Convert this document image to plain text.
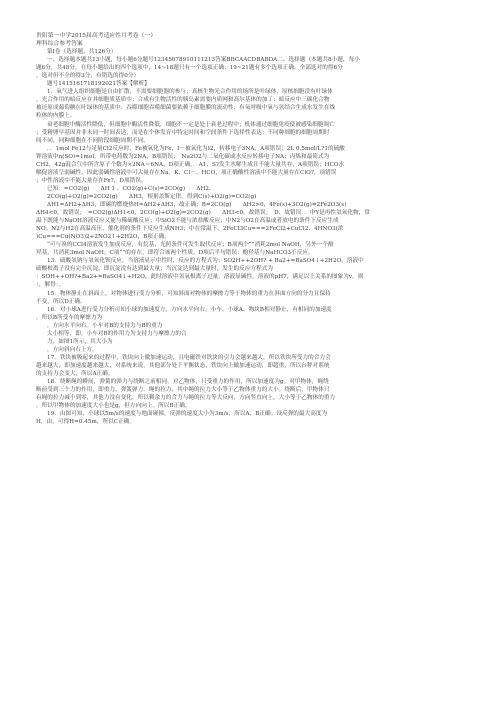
贵阳第一中学2015届高考适应性月考卷（一）

理科综合参考答案

第Ⅰ卷（选择题，共126分）

一、选择题本题共13小题，每小题6分题号12345678910111213答案BBCAACDBABDA二、选择题（本题共8小题，每小

题6分，共48分。在每小题给出的四个选项中，14~18题只有一个选项正确；19~21题有多个选项正确，全部选对的得6分

，选对但不全的得3分，有错选的得0分）

题号1415161718192021答案【解析】

1．氧气进入组织细胞是自由扩散，不需要细胞器的参与；真核生物光合作用的场所是叶绿体，原核细胞没有叶绿体

，光合作用的暗反应在其细胞质基质中；合成有生物活性的胰岛素需要内质网和高尔基体的加工；暗反应中三碳化合物

被还原成葡萄糖在叶绿体的基质中；吞噬细胞吞噬细菌要依赖于细胞膜的流动性；有氧呼吸中氧与氢结合生成水发生在线

粒体的内膜上。

衰老细胞中酶活性降低，但细胞中酶活性降低，细胞不一定是处于衰老过程中；机体通过细胞免疫使被感染细胞凋亡

；受精卵早基因并非未同一时间表达，而是在个体发育中特定时间和空间条件下选择性表达；不同种细胞的细胞周期时

间不同，同种细胞在不同阶段细胞周期不同。

．．1mol Fe12与足量Cl2反应时，Fe被氧化为Fe，I－被氧化为I2，转移电子3NA，A项错误；2L 0.5mol/L?1的硫酸

钾溶液中n(SO)=1mol，所带电荷数为2NA，B项错误；　Na2O2与二氧化碳或水反应转移电子NA；丙烯和最简式为

CH2，42g混合气中所含原子个数为×2NA＝6NA，D项正确。．A1、S?发生水解生成且不能大量共存，A项错误；HCO水

解促溶液呈弱碱性，因此弱碱性溶液中可大量存在Na、K、Cl－、HCO，项正确酸性溶液中不能大量存在ClO?，项错误

；中性溶液中不能大量存在Fe?，D项错误。

已知：=CO2(g)　　ΔH 1 、CO2(g)+C(s)=2CO(g)　　ΔH2、

2CO(g)+O2(g)=2CO2(g)　　ΔH3，根据盖斯定律，得到C(s)+O2(g)=CO2(g)

ΔH1=ΔH2+ΔH3，即碳的燃烧热H=ΔH2+ΔH3，故正确；B=2CO(g)　　ΔH2>0，4Fe(s)+3O2(g)=2Fe2O3(s)

ΔH4<0，故错误；　=CO2(g)ΔH1<0，2CO(g)+O2(g)=2CO2(g)　　ΔH3<0，故错误；　D、故错误．．中Y是再性氢氧化物，常

温下既能与NaOH溶液反应又能与稀硫酸反应；中SiO2不能与浓盐酸反应；中N2与O2在高温或者放电的条件下反应生成

NO；N2与H2在高温高压、催化剂的条件下反应生成NH3；中在常温下，2FeCl3Cu===2FeCl2+CuCl2、4HNO3(浓

)Cu===Cu(NO3)2+2NO2↑+2H2O，B项正确。

“可与溴的CCl4溶液发生加成反应，有烷基，光照条件可发生取代反应；B项两个“”消耗2mol NaOH，另外一个酚

羟基，共消耗3mol NaOH；C项“”的存在，即符合该两个性质。D项后半句错误：酚羟基与NaHCO3不反应。

13．硫酸氢钠与氢氧化钡反应，当溶液显示中性时，反应的方程式为：SO2H++2OH? + Ba2+=BaSO4↓+2H2O，溶液中

硫酸根离子没有完全沉淀，即沉淀没有达到最大量；当沉淀达到最大量时，发生的反应方程式为

：SOH++OH?+Ba2+=BaSO4↓+H2O，此时溶液中氢氧根离子过量，溶液显碱性，溶液的pH7，满足以上关系的图象为v，则

：，解得：。

15．物体静止在斜面上，对物体进行受力分析，可知斜面对物体的摩擦力等于物体的重力在斜面方向的分力且保持

不变，所以D正确。

16．对小球A进行受力分析可知小球的加速度方，方向水平向右。小车、小球A、物块B相对静止，有相同的加速度

，所以B所受车的摩擦力为

，方向水平向右。小车对B的支持力与B的重力

大小相等，即。小车对B的作用力为支持力与摩擦力的合

力，如图1所示，其大小为

，方向斜向右上方。

17．铁块被吸起来的过程中，铁块向上做加速运动，且电磁铁对铁块的引力会越来越大，所以铁块所受力的合力会

越来越大，即加速度越来越大，对系统来说，其他部分处于平衡状态，铁块向上做加速运动，即超重，所以台秤对系统

的支持力会变大，所以A正确。

18．绕断绳的瞬间，弹簧的弹力与绕断之前相同。对乙物体，只受重力的作用，所以加速度为g。对甲物体，绳绕

断前受到三个力的作用，即重力、弹簧弹力、绳的拉力，其中绳的拉力大小等于乙物体重力的大小。绕断后，甲物体只

有绳的拉力减小到零，其他力没有变化，所以剩余力的合力与绳的拉力等大反向，方向竖直向上，大小等于乙物体的重力

，所以甲物体的加速度大小也是g，但方向向上。所以B正确。

19．由图可知，小球以5m/s的速度与地面碰撞，反弹的速度大小为3m/s，所以A、B正确；设反弹的最大高度为

H，由，可得H=0.45m，所以C正确。
